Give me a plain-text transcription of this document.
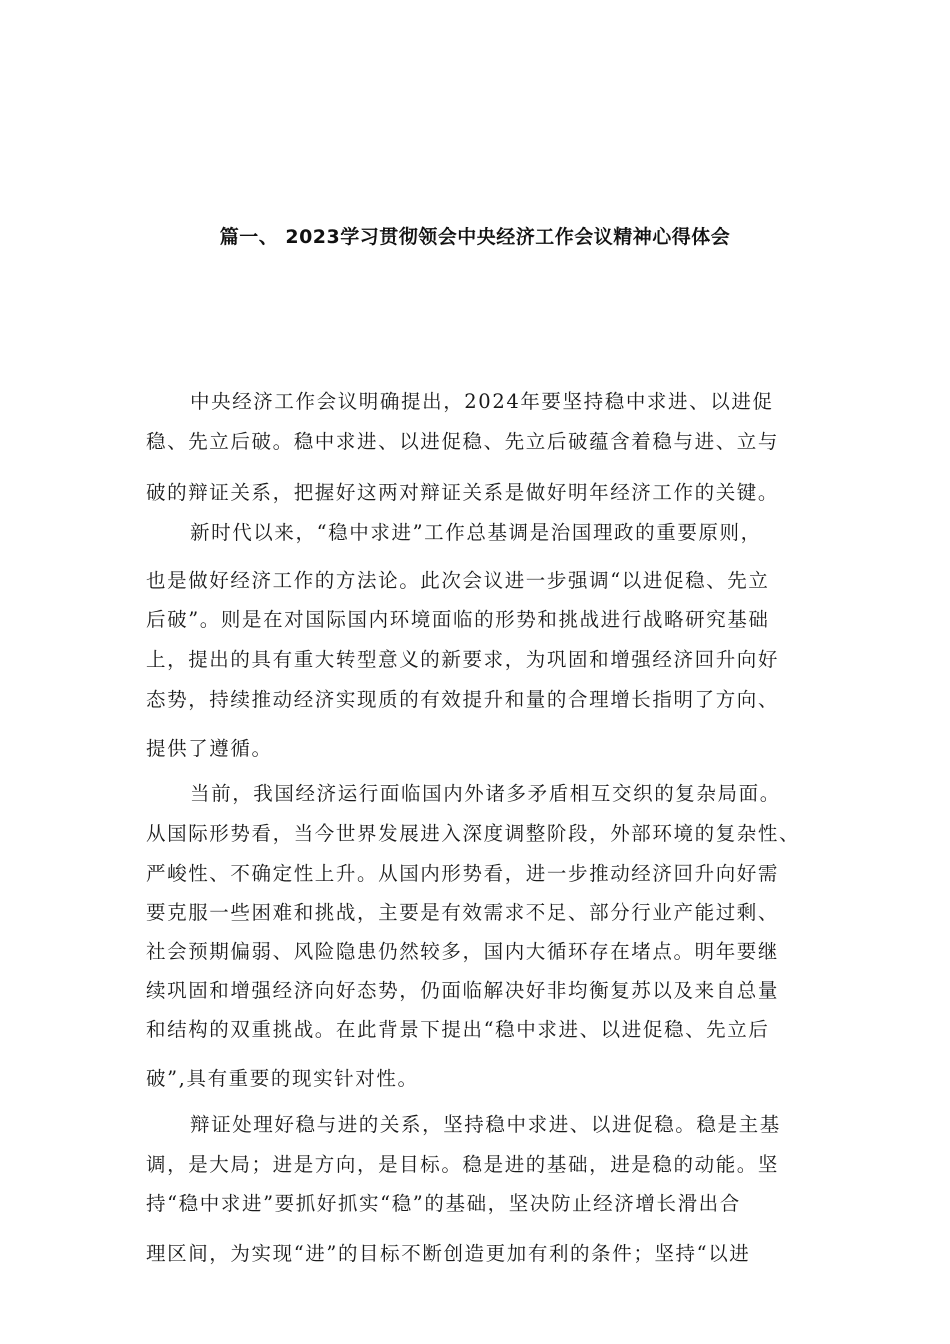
篇一、 2023学习贯彻领会中央经济工作会议精神心得体会
中央经济工作会议明确提出，2024年要坚持稳中求进、以进促
稳、先立后破。稳中求进、以进促稳、先立后破蕴含着稳与进、立与
破的辩证关系，把握好这两对辩证关系是做好明年经济工作的关键。
新时代以来，“稳中求进”工作总基调是治国理政的重要原则，
也是做好经济工作的方法论。此次会议进一步强调“以进促稳、先立
后破”。则是在对国际国内环境面临的形势和挑战进行战略研究基础
上，提出的具有重大转型意义的新要求，为巩固和增强经济回升向好
态势，持续推动经济实现质的有效提升和量的合理增长指明了方向、
提供了遵循。
当前，我国经济运行面临国内外诸多矛盾相互交织的复杂局面。
从国际形势看，当今世界发展进入深度调整阶段，外部环境的复杂性、
严峻性、不确定性上升。从国内形势看，进一步推动经济回升向好需
要克服一些困难和挑战，主要是有效需求不足、部分行业产能过剩、
社会预期偏弱、风险隐患仍然较多，国内大循环存在堵点。明年要继
续巩固和增强经济向好态势，仍面临解决好非均衡复苏以及来自总量
和结构的双重挑战。在此背景下提出“稳中求进、以进促稳、先立后
破”,具有重要的现实针对性。
辩证处理好稳与进的关系，坚持稳中求进、以进促稳。稳是主基
调，是大局；进是方向，是目标。稳是进的基础，进是稳的动能。坚
持“稳中求进”要抓好抓实“稳”的基础，坚决防止经济增长滑出合
理区间，为实现“进”的目标不断创造更加有利的条件；坚持“以进
